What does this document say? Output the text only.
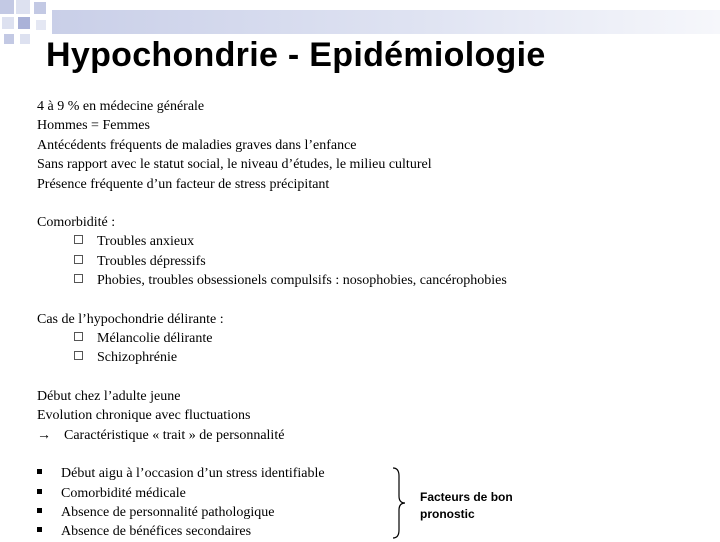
Hypochondrie - Epidémiologie
4 à 9 % en médecine générale
Hommes = Femmes
Antécédents fréquents de maladies graves dans l’enfance
Sans rapport avec le statut social, le niveau d’études, le milieu culturel
Présence fréquente d’un facteur de stress précipitant
Comorbidité :
Troubles anxieux
Troubles dépressifs
Phobies, troubles obsessionels compulsifs : nosophobies, cancérophobies
Cas de l’hypochondrie délirante :
Mélancolie délirante
Schizophrénie
Début chez l’adulte jeune
Evolution chronique avec fluctuations
→ Caractéristique « trait » de personnalité
Début aigu à l’occasion d’un stress identifiable
Comorbidité médicale
Absence de personnalité pathologique
Absence de bénéfices secondaires
Facteurs de bon
pronostic
